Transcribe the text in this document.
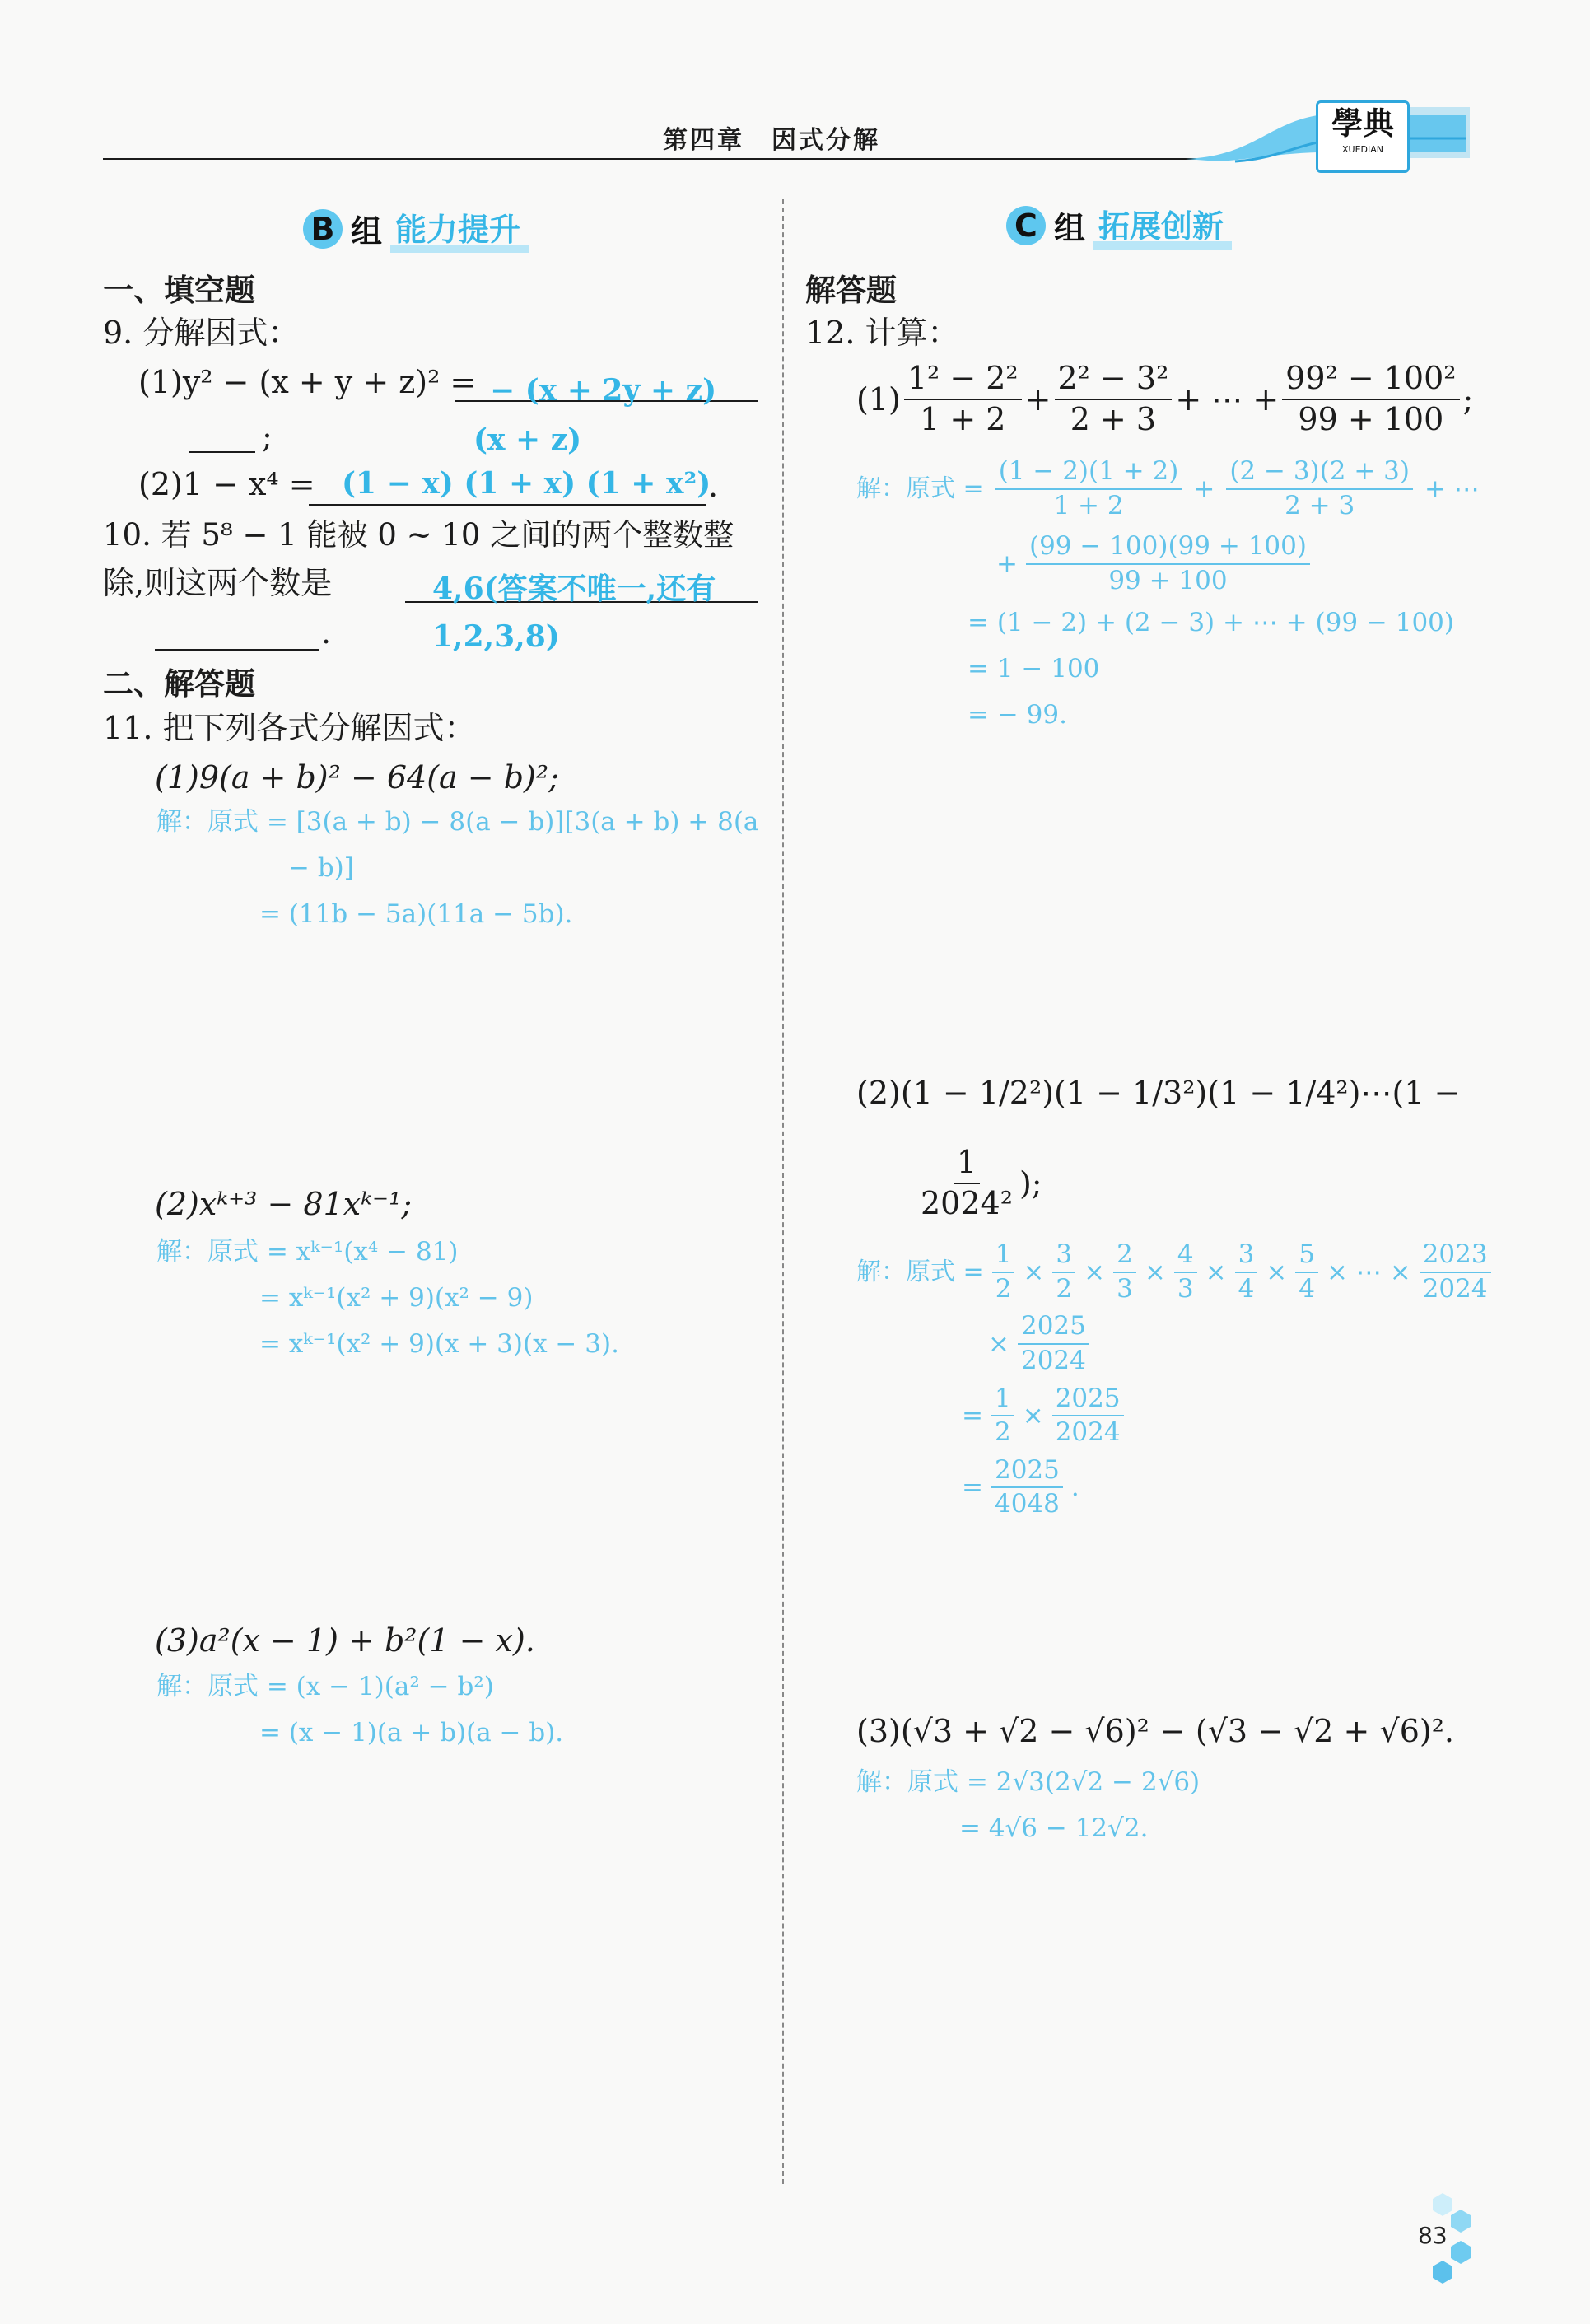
第四章　因式分解	學典
XUEDIAN
B 组 能力提升
一、填空题
9. 分解因式：
(1)y² − (x + y + z)² = − (x + 2y + z) (x + z)
;
(2)1 − x⁴ = (1 − x) (1 + x) (1 + x²)
.
10. 若 5⁸ − 1 能被 0 ~ 10 之间的两个整数整
除,则这两个数是	4,6(答案不唯一,还有1,2,3,8)
.
二、解答题
11. 把下列各式分解因式：
(1)9(a + b)² − 64(a − b)²;
解：原式 = [3(a + b) − 8(a − b)][3(a + b) + 8(a
− b)]
= (11b − 5a)(11a − 5b).
(2)xᵏ⁺³ − 81xᵏ⁻¹;
解：原式 = xᵏ⁻¹(x⁴ − 81)
= xᵏ⁻¹(x² + 9)(x² − 9)
= xᵏ⁻¹(x² + 9)(x + 3)(x − 3).
(3)a²(x − 1) + b²(1 − x).
解：原式 = (x − 1)(a² − b²)
= (x − 1)(a + b)(a − b).
C 组 拓展创新
解答题
12. 计算：
$(1) \frac{\text{1² − 2²}}{1 + 2} + \frac{\text{2² − 3²}}{2 + 3}$ + ⋯ + $\frac{\text{99² − 100²}}{99 + 100}$ ;
解：原式 = $\frac{(1 - 2)(1 + 2)}{1 + 2} + \frac{(2 - 3)(2 + 3)}{2 + 3}$ + ⋯
+ $\frac{(99 - 100)(99 + 100)}{99 + 100}$
= (1 − 2) + (2 − 3) + ⋯ + (99 − 100)
= 1 − 100
= − 99.
(2)(1 − 1/2²)(1 − 1/3²)(1 − 1/4²)⋯(1 −
$\frac{1}{\text{2024²}}$ );
解：原式 = $\frac{1}{2} \times \frac{3}{2} \times \frac{2}{3} \times \frac{4}{3} \times \frac{3}{4} \times \frac{5}{4}$ × ⋯ × $\frac{2023}{2024}$
× $\frac{2025}{2024}$
= $\frac{1}{2} \times \frac{2025}{2024}$
= $\frac{2025}{4048}$ .
(3)(√3 + √2 − √6)² − (√3 − √2 + √6)².
解：原式 = 2√3(2√2 − 2√6)
= 4√6 − 12√2.
83
